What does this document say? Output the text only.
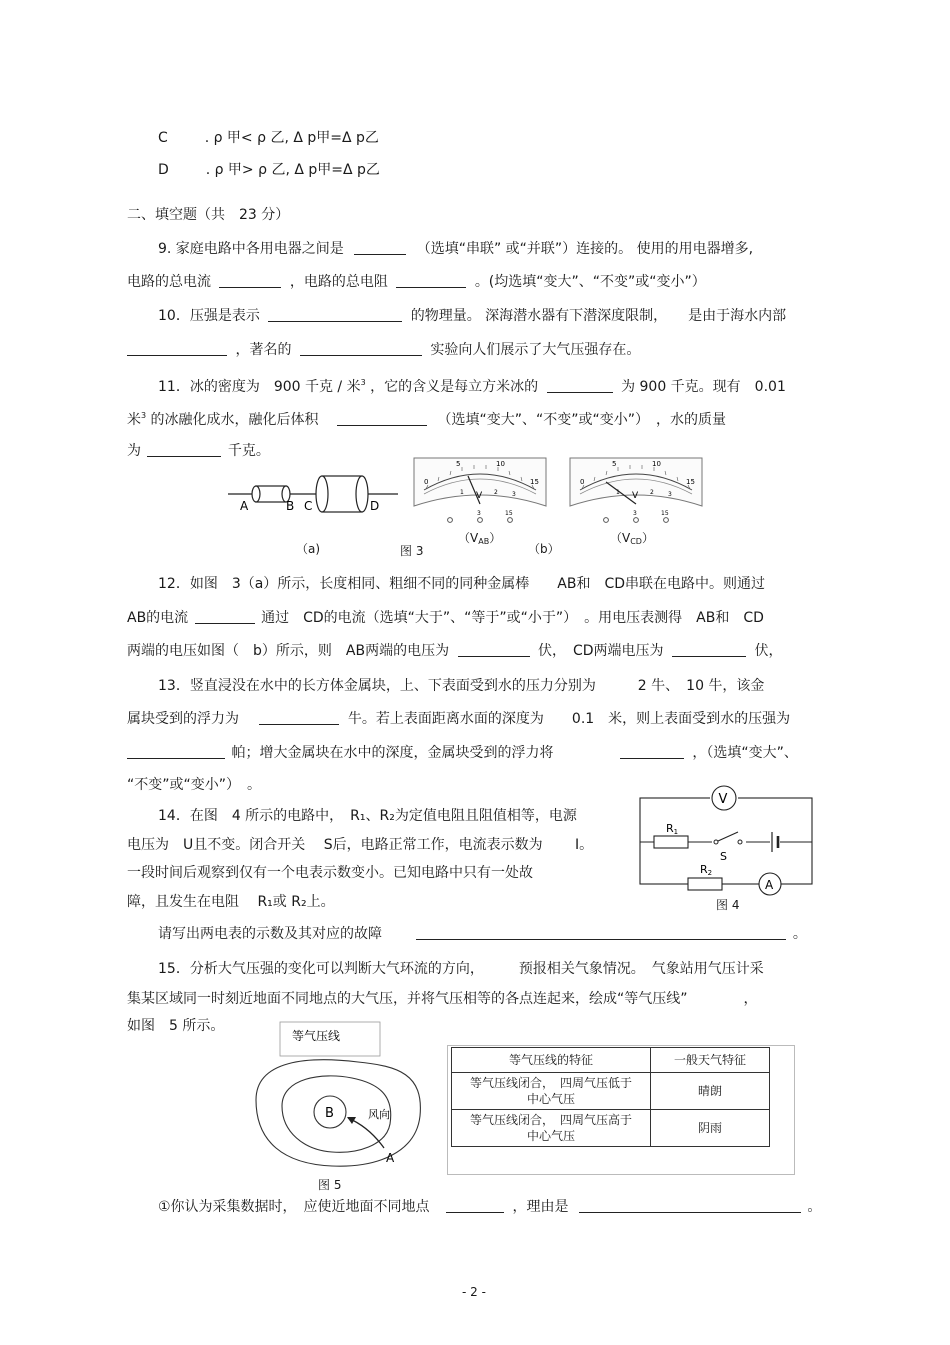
C	. ρ 甲< ρ 乙, Δ p甲=Δ p乙
D	. ρ 甲> ρ 乙, Δ p甲=Δ p乙
二、填空题（共　23 分）
9. 家庭电路中各用电器之间是	（选填“串联” 或“并联”）连接的。 使用的用电器增多,
电路的总电流	，电路的总电阻	。(均选填“变大”、“不变”或“变小”）
10．压强是表示	的物理量。 深海潜水器有下潜深度限制，　　是由于海水内部
，著名的	实验向人们展示了大气压强存在。
11．冰的密度为　900 千克 / 米$^3$ ，它的含义是每立方米冰的	为 900 千克。现有　0.01
米$^3$ 的冰融化成水，融化后体积	（选填“变大”、“不变”或“变小”）　，水的质量
为	千克。
A	B C	D
0
5	10
15
1	2 3
V
3	15
0
5	10
15
1	2 3
V
3	15
$(V_{AB})$	$(V_{CD})$
（a)	图 3	（b）
12．如图　3（a）所示，长度相同、粗细不同的同种金属棒　　AB和　CD串联在电路中。则通过
AB的电流	通过　CD的电流（选填“大于”、“等于”或“小于”）　。用电压表测得　AB和　CD
两端的电压如图（　b）所示，则　AB两端的电压为	伏，　CD两端电压为	伏，
13．竖直浸没在水中的长方体金属块，上、下表面受到水的压力分别为　　　2 牛、　10 牛，该金
属块受到的浮力为	牛。若上表面距离水面的深度为　　0.1　米，则上表面受到水的压强为
帕；增大金属块在水中的深度，金属块受到的浮力将	，（选填“变大”、
“不变”或“变小”）　。
14．在图　4 所示的电路中，　R₁、R₂为定值电阻且阻值相等，电源
电压为　U且不变。闭合开关　 S后，电路正常工作，电流表示数为　　 I。
一段时间后观察到仅有一个电表示数变小。已知电路中只有一处故
障，且发生在电阻　 R₁或 R₂上。
请写出两电表的示数及其对应的故障	。
V
R1
S
R2
A
图 4
15．分析大气压强的变化可以判断大气环流的方向，　　　预报相关气象情况。　气象站用气压计采
集某区域同一时刻近地面不同地点的大气压，并将气压相等的各点连起来，绘成“等气压线”　　　　，
如图　5 所示。
等气压线
B	风向
A
图 5
等气压线的特征	一般天气特征

等气压线闭合，　四周气压低于
中心气压	晴朗

等气压线闭合，　四周气压高于
中心气压	阴雨
①你认为采集数据时，　应使近地面不同地点	，理由是	。
- 2 -
